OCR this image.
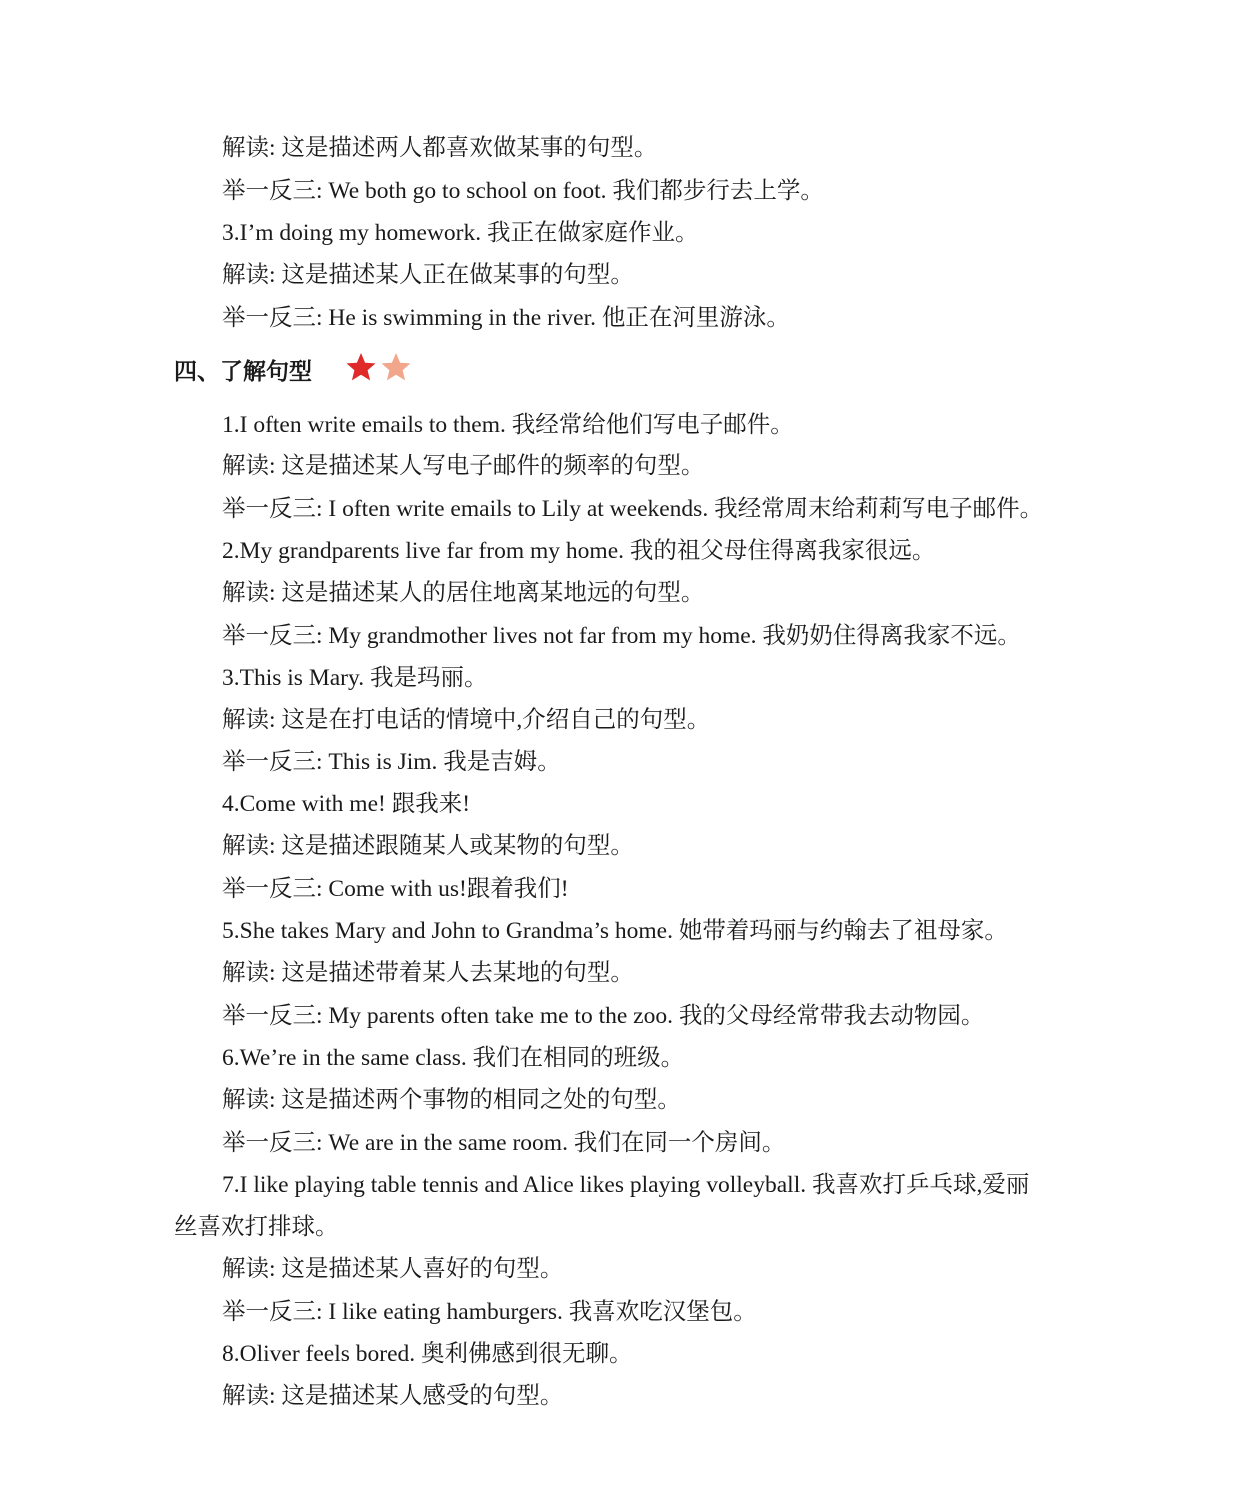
解读: 这是描述两人都喜欢做某事的句型。

举一反三: We both go to school on foot. 我们都步行去上学。

3.I’m doing my homework. 我正在做家庭作业。

解读: 这是描述某人正在做某事的句型。

举一反三: He is swimming in the river. 他正在河里游泳。

四、了解句型

1.I often write emails to them. 我经常给他们写电子邮件。

解读: 这是描述某人写电子邮件的频率的句型。

举一反三: I often write emails to Lily at weekends. 我经常周末给莉莉写电子邮件。

2.My grandparents live far from my home. 我的祖父母住得离我家很远。

解读: 这是描述某人的居住地离某地远的句型。

举一反三: My grandmother lives not far from my home. 我奶奶住得离我家不远。

3.This is Mary. 我是玛丽。

解读: 这是在打电话的情境中,介绍自己的句型。

举一反三: This is Jim. 我是吉姆。

4.Come with me! 跟我来!

解读: 这是描述跟随某人或某物的句型。

举一反三: Come with us!跟着我们!

5.She takes Mary and John to Grandma’s home. 她带着玛丽与约翰去了祖母家。

解读: 这是描述带着某人去某地的句型。

举一反三: My parents often take me to the zoo. 我的父母经常带我去动物园。

6.We’re in the same class. 我们在相同的班级。

解读: 这是描述两个事物的相同之处的句型。

举一反三: We are in the same room. 我们在同一个房间。

7.I like playing table tennis and Alice likes playing volleyball. 我喜欢打乒乓球,爱丽

丝喜欢打排球。

解读: 这是描述某人喜好的句型。

举一反三: I like eating hamburgers. 我喜欢吃汉堡包。

8.Oliver feels bored. 奥利佛感到很无聊。

解读: 这是描述某人感受的句型。
